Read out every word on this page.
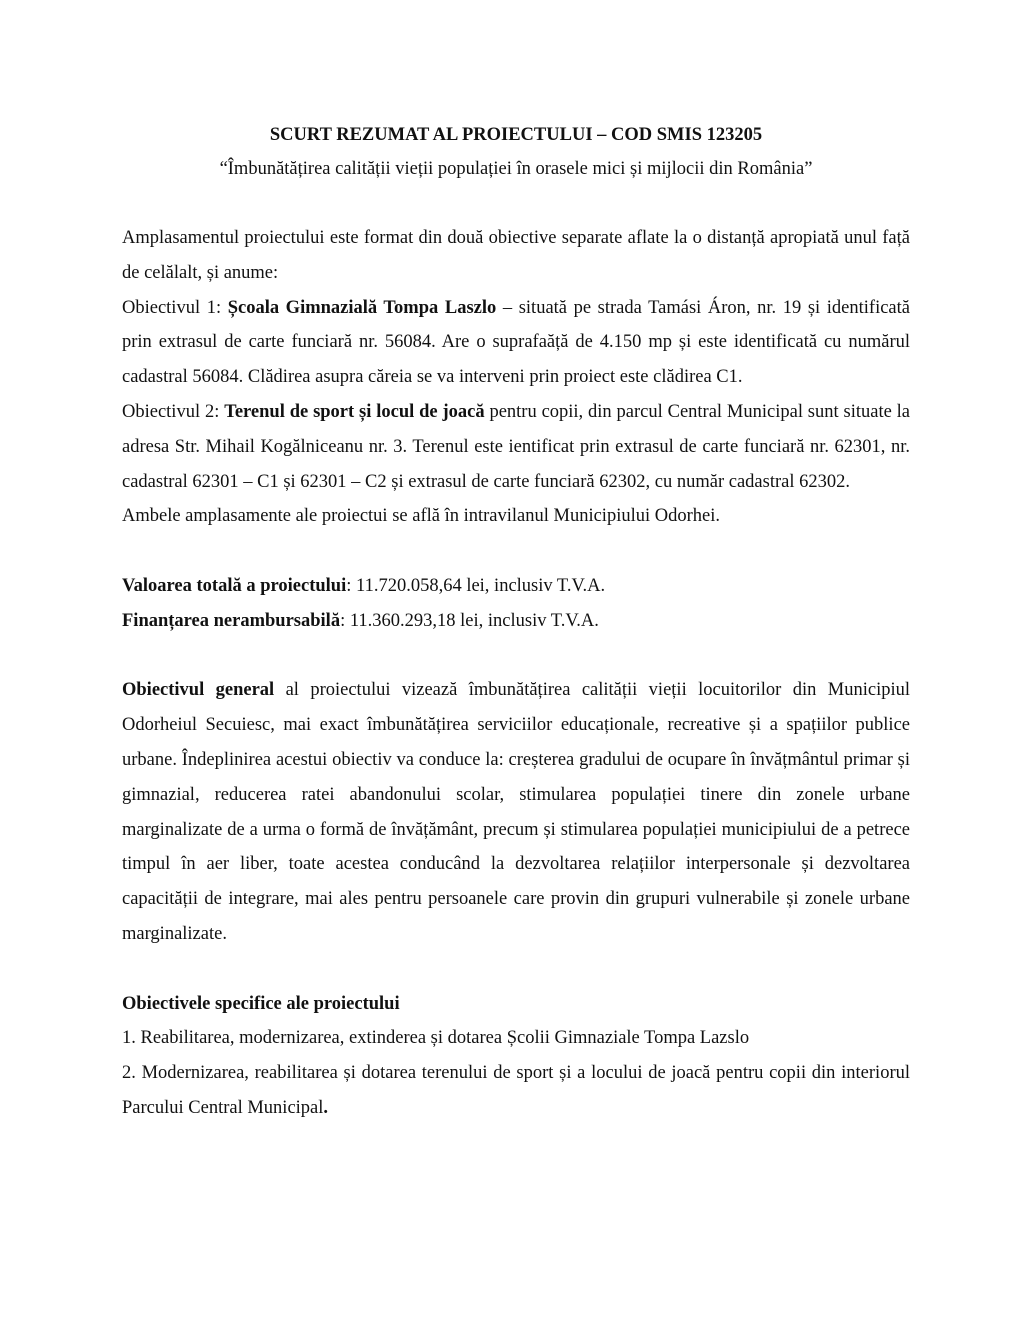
SCURT REZUMAT AL PROIECTULUI – COD SMIS 123205
“Îmbunătățirea calității vieții populației în orasele mici și mijlocii din România”

Amplasamentul proiectului este format din două obiective separate aflate la o distanță apropiată unul față de celălalt, și anume:

Obiectivul 1: Școala Gimnazială Tompa Laszlo – situată pe strada Tamási Áron, nr. 19 și identificată prin extrasul de carte funciară nr. 56084. Are o suprafaăță de 4.150 mp și este identificată cu numărul cadastral 56084. Clădirea asupra căreia se va interveni prin proiect este clădirea C1.

Obiectivul 2: Terenul de sport și locul de joacă pentru copii, din parcul Central Municipal sunt situate la adresa Str. Mihail Kogălniceanu nr. 3. Terenul este ientificat prin extrasul de carte funciară nr. 62301, nr. cadastral 62301 – C1 și 62301 – C2 și extrasul de carte funciară 62302, cu număr cadastral 62302.

Ambele amplasamente ale proiectui se află în intravilanul Municipiului Odorhei.

Valoarea totală a proiectului: 11.720.058,64 lei, inclusiv T.V.A.

Finanțarea nerambursabilă: 11.360.293,18 lei, inclusiv T.V.A.

Obiectivul general al proiectului vizează îmbunătățirea calității vieții locuitorilor din Municipiul Odorheiul Secuiesc, mai exact îmbunătățirea serviciilor educaționale, recreative și a spațiilor publice urbane. Îndeplinirea acestui obiectiv va conduce la: creșterea gradului de ocupare în învățmântul primar și gimnazial, reducerea ratei abandonului scolar, stimularea populației tinere din zonele urbane marginalizate de a urma o formă de învățământ, precum și stimularea populației municipiului de a petrece timpul în aer liber, toate acestea conducând la dezvoltarea relațiilor interpersonale și dezvoltarea capacității de integrare, mai ales pentru persoanele care provin din grupuri vulnerabile și zonele urbane marginalizate.

Obiectivele specifice ale proiectului

1. Reabilitarea, modernizarea, extinderea și dotarea Școlii Gimnaziale Tompa Lazslo

2. Modernizarea, reabilitarea și dotarea terenului de sport și a locului de joacă pentru copii din interiorul Parcului Central Municipal.
